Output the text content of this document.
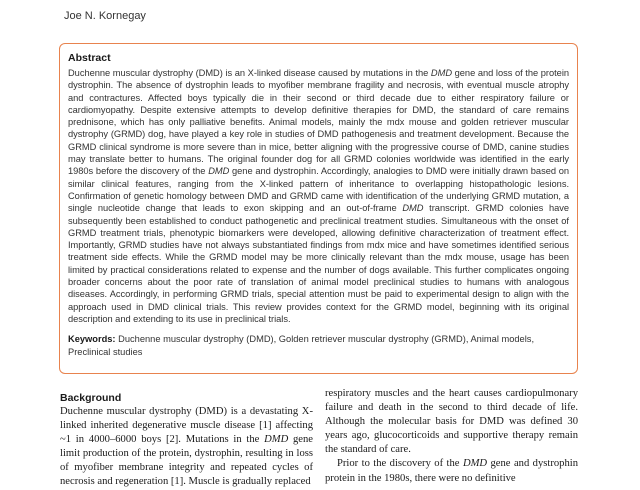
Joe N. Kornegay
Abstract

Duchenne muscular dystrophy (DMD) is an X-linked disease caused by mutations in the DMD gene and loss of the protein dystrophin. The absence of dystrophin leads to myofiber membrane fragility and necrosis, with eventual muscle atrophy and contractures. Affected boys typically die in their second or third decade due to either respiratory failure or cardiomyopathy. Despite extensive attempts to develop definitive therapies for DMD, the standard of care remains prednisone, which has only palliative benefits. Animal models, mainly the mdx mouse and golden retriever muscular dystrophy (GRMD) dog, have played a key role in studies of DMD pathogenesis and treatment development. Because the GRMD clinical syndrome is more severe than in mice, better aligning with the progressive course of DMD, canine studies may translate better to humans. The original founder dog for all GRMD colonies worldwide was identified in the early 1980s before the discovery of the DMD gene and dystrophin. Accordingly, analogies to DMD were initially drawn based on similar clinical features, ranging from the X-linked pattern of inheritance to overlapping histopathologic lesions. Confirmation of genetic homology between DMD and GRMD came with identification of the underlying GRMD mutation, a single nucleotide change that leads to exon skipping and an out-of-frame DMD transcript. GRMD colonies have subsequently been established to conduct pathogenetic and preclinical treatment studies. Simultaneous with the onset of GRMD treatment trials, phenotypic biomarkers were developed, allowing definitive characterization of treatment effect. Importantly, GRMD studies have not always substantiated findings from mdx mice and have sometimes identified serious treatment side effects. While the GRMD model may be more clinically relevant than the mdx mouse, usage has been limited by practical considerations related to expense and the number of dogs available. This further complicates ongoing broader concerns about the poor rate of translation of animal model preclinical studies to humans with analogous diseases. Accordingly, in performing GRMD trials, special attention must be paid to experimental design to align with the approach used in DMD clinical trials. This review provides context for the GRMD model, beginning with its original description and extending to its use in preclinical trials.

Keywords: Duchenne muscular dystrophy (DMD), Golden retriever muscular dystrophy (GRMD), Animal models, Preclinical studies

Background

Duchenne muscular dystrophy (DMD) is a devastating X-linked inherited degenerative muscle disease [1] affecting ~1 in 4000–6000 boys [2]. Mutations in the DMD gene limit production of the protein, dystrophin, resulting in loss of myofiber membrane integrity and repeated cycles of necrosis and regeneration [1]. Muscle is gradually replaced

respiratory muscles and the heart causes cardiopulmonary failure and death in the second to third decade of life. Although the molecular basis for DMD was defined 30 years ago, glucocorticoids and supportive therapy remain the standard of care.

Prior to the discovery of the DMD gene and dystrophin protein in the 1980s, there were no definitive
